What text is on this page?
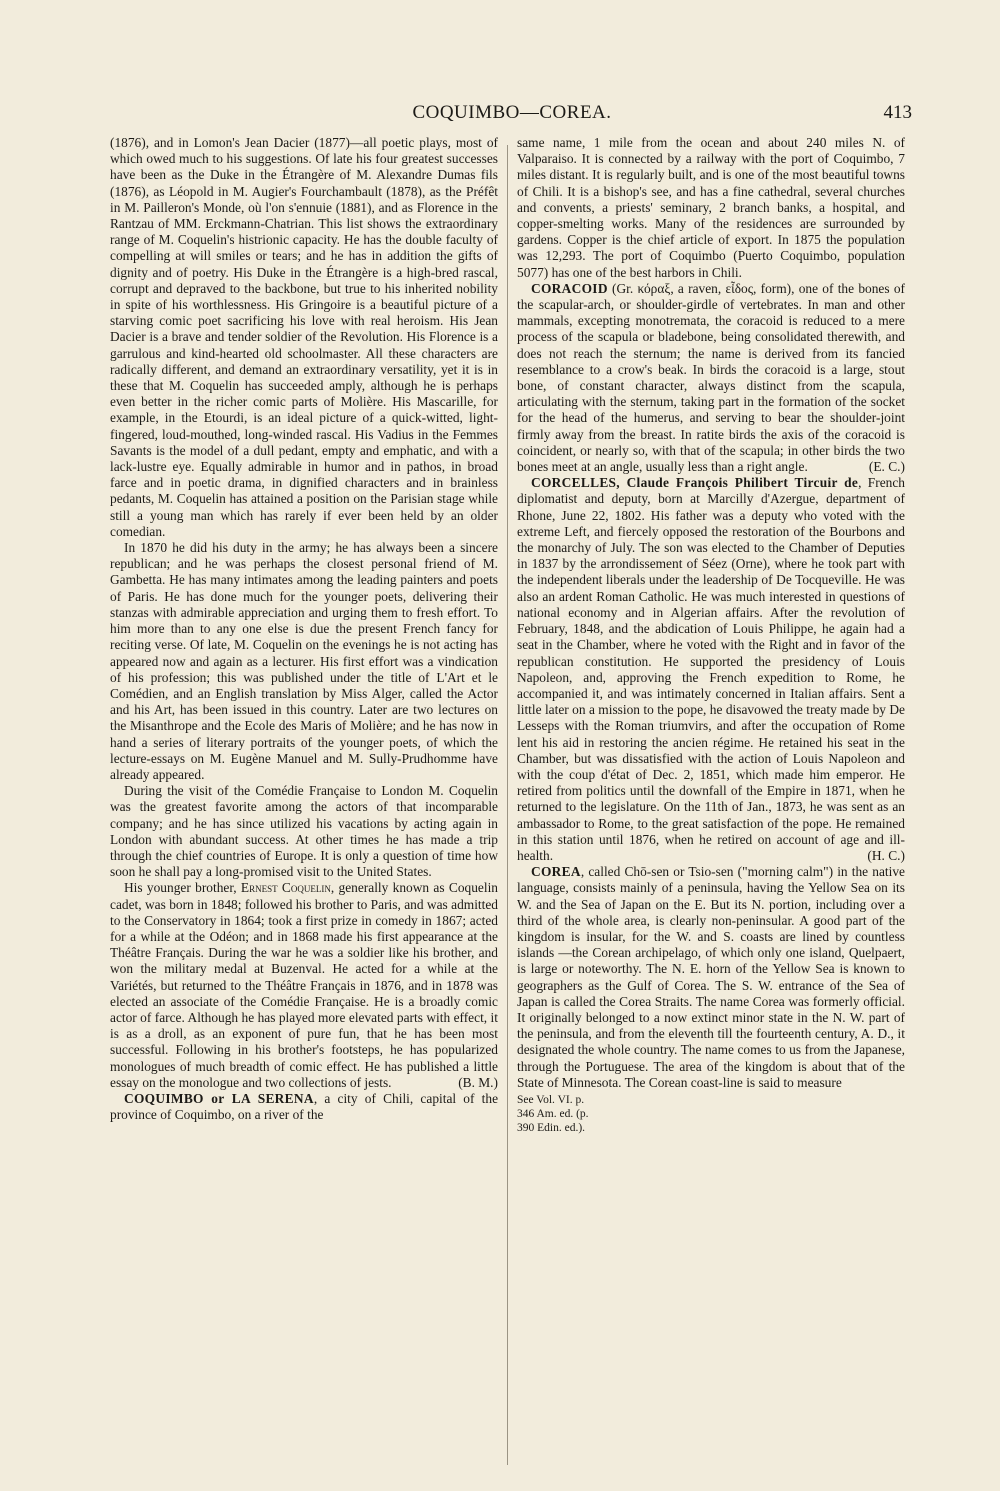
COQUIMBO—COREA.	413

(1876), and in Lomon's Jean Dacier (1877)—all poetic plays, most of which owed much to his suggestions. Of late his four greatest successes have been as the Duke in the Étrangère of M. Alexandre Dumas fils (1876), as Léopold in M. Augier's Fourchambault (1878), as the Préfêt in M. Pailleron's Monde, où l'on s'ennuie (1881), and as Florence in the Rantzau of MM. Erckmann-Chatrian. This list shows the extraordinary range of M. Coquelin's histrionic capacity. He has the double faculty of compelling at will smiles or tears; and he has in addition the gifts of dignity and of poetry. His Duke in the Étrangère is a high-bred rascal, corrupt and depraved to the backbone, but true to his inherited nobility in spite of his worthlessness. His Gringoire is a beautiful picture of a starving comic poet sacrificing his love with real heroism. His Jean Dacier is a brave and tender soldier of the Revolution. His Florence is a garrulous and kind-hearted old schoolmaster. All these characters are radically different, and demand an extraordinary versatility, yet it is in these that M. Coquelin has succeeded amply, although he is perhaps even better in the richer comic parts of Molière. His Mascarille, for example, in the Etourdi, is an ideal picture of a quick-witted, light-fingered, loud-mouthed, long-winded rascal. His Vadius in the Femmes Savants is the model of a dull pedant, empty and emphatic, and with a lack-lustre eye. Equally admirable in humor and in pathos, in broad farce and in poetic drama, in dignified characters and in brainless pedants, M. Coquelin has attained a position on the Parisian stage while still a young man which has rarely if ever been held by an older comedian.

In 1870 he did his duty in the army; he has always been a sincere republican; and he was perhaps the closest personal friend of M. Gambetta. He has many intimates among the leading painters and poets of Paris. He has done much for the younger poets, delivering their stanzas with admirable appreciation and urging them to fresh effort. To him more than to any one else is due the present French fancy for reciting verse. Of late, M. Coquelin on the evenings he is not acting has appeared now and again as a lecturer. His first effort was a vindication of his profession; this was published under the title of L'Art et le Comédien, and an English translation by Miss Alger, called the Actor and his Art, has been issued in this country. Later are two lectures on the Misanthrope and the Ecole des Maris of Molière; and he has now in hand a series of literary portraits of the younger poets, of which the lecture-essays on M. Eugène Manuel and M. Sully-Prudhomme have already appeared.

During the visit of the Comédie Française to London M. Coquelin was the greatest favorite among the actors of that incomparable company; and he has since utilized his vacations by acting again in London with abundant success. At other times he has made a trip through the chief countries of Europe. It is only a question of time how soon he shall pay a long-promised visit to the United States.

His younger brother, Ernest Coquelin, generally known as Coquelin cadet, was born in 1848; followed his brother to Paris, and was admitted to the Conservatory in 1864; took a first prize in comedy in 1867; acted for a while at the Odéon; and in 1868 made his first appearance at the Théâtre Français. During the war he was a soldier like his brother, and won the military medal at Buzenval. He acted for a while at the Variétés, but returned to the Théâtre Français in 1876, and in 1878 was elected an associate of the Comédie Française. He is a broadly comic actor of farce. Although he has played more elevated parts with effect, it is as a droll, as an exponent of pure fun, that he has been most successful. Following in his brother's footsteps, he has popularized monologues of much breadth of comic effect. He has published a little essay on the monologue and two collections of jests.	(B. M.)

COQUIMBO or LA SERENA, a city of Chili, capital of the province of Coquimbo, on a river of the

same name, 1 mile from the ocean and about 240 miles N. of Valparaiso. It is connected by a railway with the port of Coquimbo, 7 miles distant. It is regularly built, and is one of the most beautiful towns of Chili. It is a bishop's see, and has a fine cathedral, several churches and convents, a priests' seminary, 2 branch banks, a hospital, and copper-smelting works. Many of the residences are surrounded by gardens. Copper is the chief article of export. In 1875 the population was 12,293. The port of Coquimbo (Puerto Coquimbo, population 5077) has one of the best harbors in Chili.

CORACOID (Gr. κόραξ, a raven, εἶδος, form), one of the bones of the scapular-arch, or shoulder-girdle of vertebrates. In man and other mammals, excepting monotremata, the coracoid is reduced to a mere process of the scapula or bladebone, being consolidated therewith, and does not reach the sternum; the name is derived from its fancied resemblance to a crow's beak. In birds the coracoid is a large, stout bone, of constant character, always distinct from the scapula, articulating with the sternum, taking part in the formation of the socket for the head of the humerus, and serving to bear the shoulder-joint firmly away from the breast. In ratite birds the axis of the coracoid is coincident, or nearly so, with that of the scapula; in other birds the two bones meet at an angle, usually less than a right angle.	(E. C.)

CORCELLES, Claude François Philibert Tircuir de, French diplomatist and deputy, born at Marcilly d'Azergue, department of Rhone, June 22, 1802. His father was a deputy who voted with the extreme Left, and fiercely opposed the restoration of the Bourbons and the monarchy of July. The son was elected to the Chamber of Deputies in 1837 by the arrondissement of Séez (Orne), where he took part with the independent liberals under the leadership of De Tocqueville. He was also an ardent Roman Catholic. He was much interested in questions of national economy and in Algerian affairs. After the revolution of February, 1848, and the abdication of Louis Philippe, he again had a seat in the Chamber, where he voted with the Right and in favor of the republican constitution. He supported the presidency of Louis Napoleon, and, approving the French expedition to Rome, he accompanied it, and was intimately concerned in Italian affairs. Sent a little later on a mission to the pope, he disavowed the treaty made by De Lesseps with the Roman triumvirs, and after the occupation of Rome lent his aid in restoring the ancien régime. He retained his seat in the Chamber, but was dissatisfied with the action of Louis Napoleon and with the coup d'état of Dec. 2, 1851, which made him emperor. He retired from politics until the downfall of the Empire in 1871, when he returned to the legislature. On the 11th of Jan., 1873, he was sent as an ambassador to Rome, to the great satisfaction of the pope. He remained in this station until 1876, when he retired on account of age and ill-health.	(H. C.)

COREA, called Chō-sen or Tsio-sen ("morning calm") in the native language, consists mainly of a peninsula, having the Yellow Sea on its W. and the Sea of Japan on the E. But its N. portion, including over a third of the whole area, is clearly non-peninsular. A good part of the kingdom is insular, for the W. and S. coasts are lined by countless islands —the Corean archipelago, of which only one island, Quelpaert, is large or noteworthy. The N. E. horn of the Yellow Sea is known to geographers as the Gulf of Corea. The S. W. entrance of the Sea of Japan is called the Corea Straits. The name Corea was formerly official. It originally belonged to a now extinct minor state in the N. W. part of the peninsula, and from the eleventh till the fourteenth century, A. D., it designated the whole country. The name comes to us from the Japanese, through the Portuguese. The area of the kingdom is about that of the State of Minnesota. The Corean coast-line is said to measure

See Vol. VI. p. 346 Am. ed. (p. 390 Edin. ed.).
